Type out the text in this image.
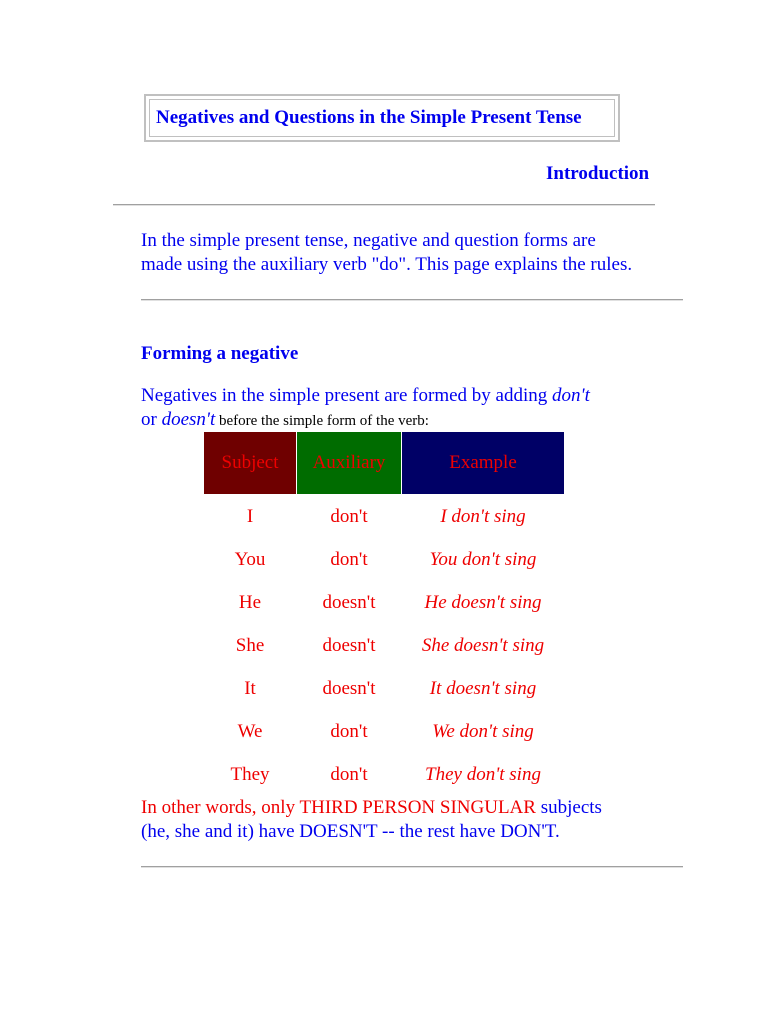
Negatives and Questions in the Simple Present Tense
Introduction

In the simple present tense, negative and question forms are made using the auxiliary verb "do". This page explains the rules.

Forming a negative

Negatives in the simple present are formed by adding don't
or doesn't before the simple form of the verb:

Subject	Auxiliary	Example
I	don't	I don't sing
You	don't	You don't sing
He	doesn't	He doesn't sing
She	doesn't	She doesn't sing
It	doesn't	It doesn't sing
We	don't	We don't sing
They	don't	They don't sing

In other words, only THIRD PERSON SINGULAR subjects (he, she and it) have DOESN'T -- the rest have DON'T.
